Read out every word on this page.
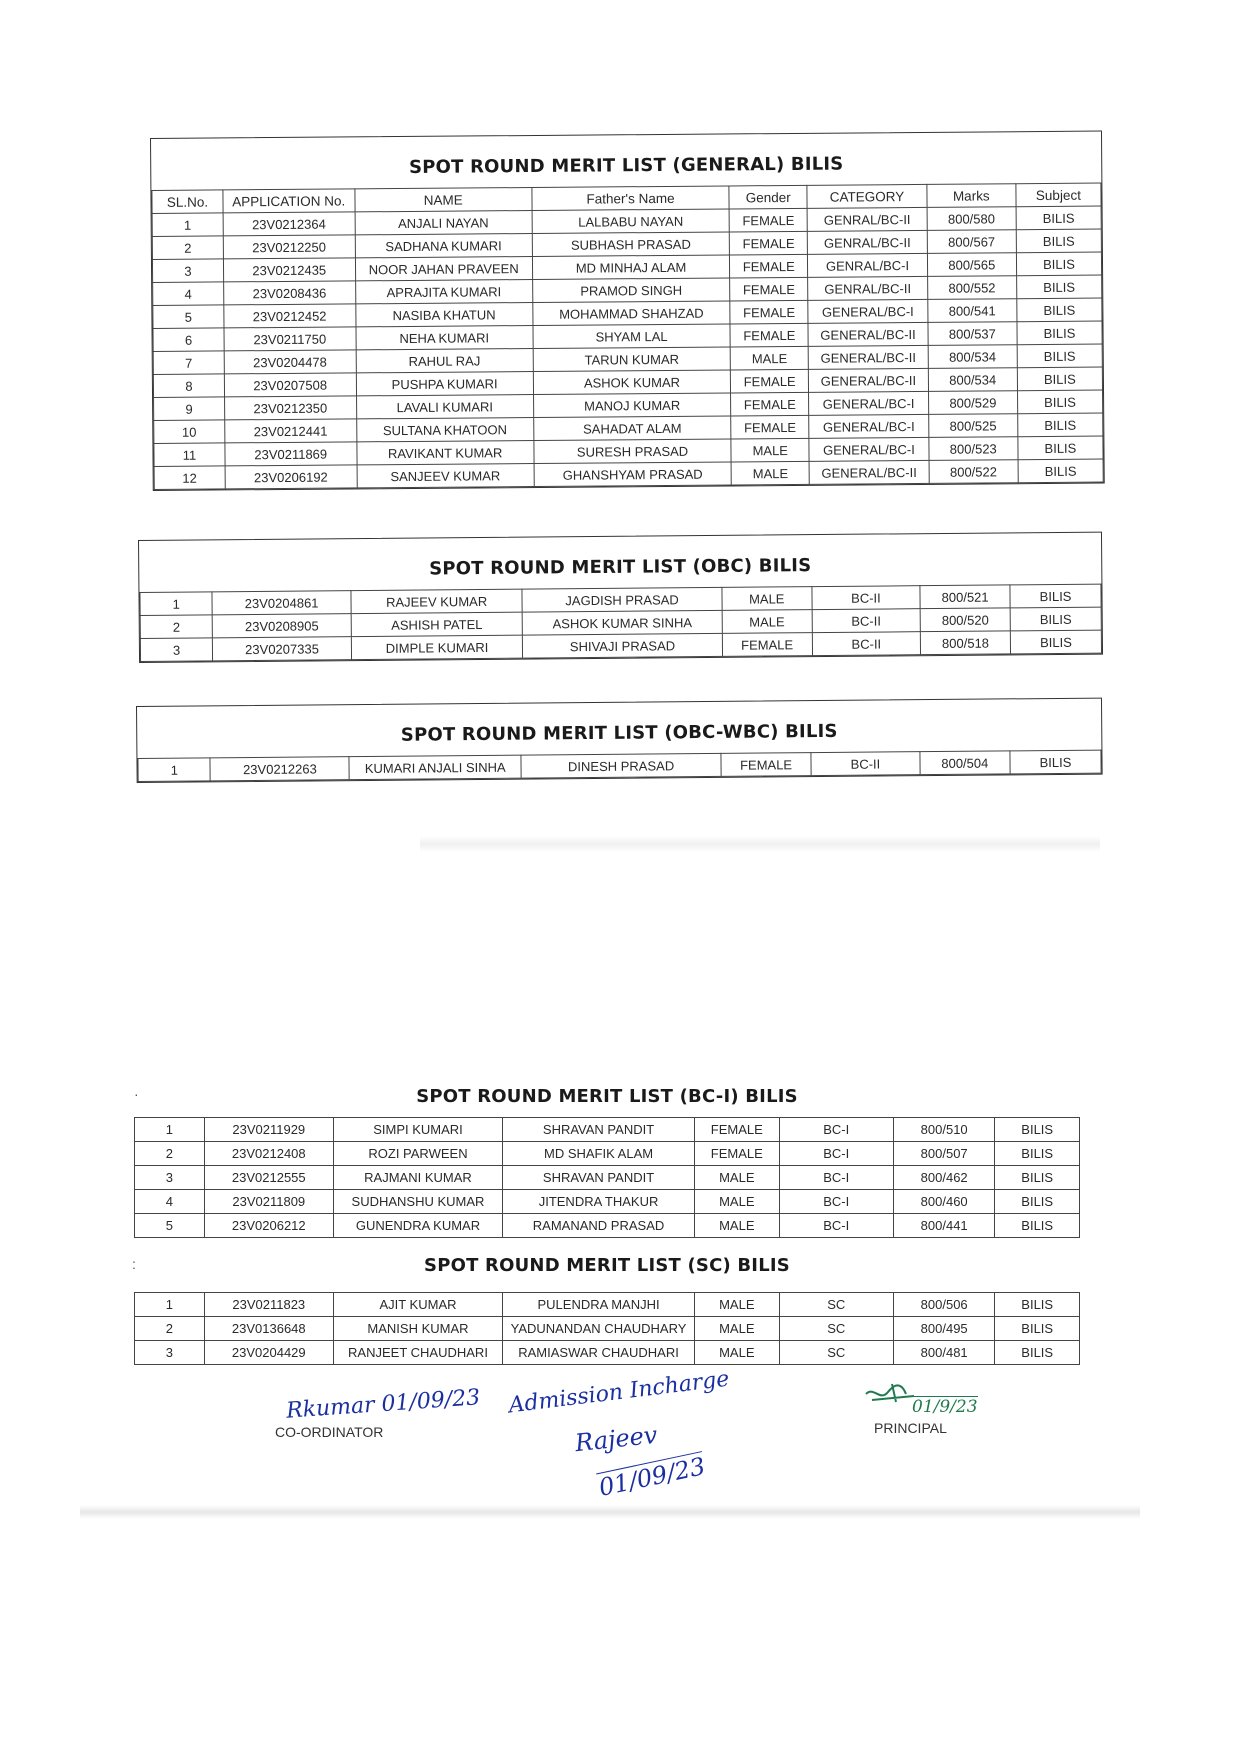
SPOT ROUND MERIT LIST (GENERAL) BILIS
SL.No.	APPLICATION No.	NAME	Father's Name	Gender	CATEGORY	Marks	Subject
1	23V0212364	ANJALI NAYAN	LALBABU NAYAN	FEMALE	GENRAL/BC-II	800/580	BILIS
2	23V0212250	SADHANA KUMARI	SUBHASH PRASAD	FEMALE	GENRAL/BC-II	800/567	BILIS
3	23V0212435	NOOR JAHAN PRAVEEN	MD MINHAJ ALAM	FEMALE	GENRAL/BC-I	800/565	BILIS
4	23V0208436	APRAJITA KUMARI	PRAMOD SINGH	FEMALE	GENRAL/BC-II	800/552	BILIS
5	23V0212452	NASIBA KHATUN	MOHAMMAD SHAHZAD	FEMALE	GENERAL/BC-I	800/541	BILIS
6	23V0211750	NEHA KUMARI	SHYAM LAL	FEMALE	GENERAL/BC-II	800/537	BILIS
7	23V0204478	RAHUL RAJ	TARUN KUMAR	MALE	GENERAL/BC-II	800/534	BILIS
8	23V0207508	PUSHPA KUMARI	ASHOK KUMAR	FEMALE	GENERAL/BC-II	800/534	BILIS
9	23V0212350	LAVALI KUMARI	MANOJ KUMAR	FEMALE	GENERAL/BC-I	800/529	BILIS
10	23V0212441	SULTANA KHATOON	SAHADAT ALAM	FEMALE	GENERAL/BC-I	800/525	BILIS
11	23V0211869	RAVIKANT KUMAR	SURESH PRASAD	MALE	GENERAL/BC-I	800/523	BILIS
12	23V0206192	SANJEEV KUMAR	GHANSHYAM PRASAD	MALE	GENERAL/BC-II	800/522	BILIS
SPOT ROUND MERIT LIST (OBC) BILIS
1	23V0204861	RAJEEV KUMAR	JAGDISH PRASAD	MALE	BC-II	800/521	BILIS
2	23V0208905	ASHISH PATEL	ASHOK KUMAR SINHA	MALE	BC-II	800/520	BILIS
3	23V0207335	DIMPLE KUMARI	SHIVAJI PRASAD	FEMALE	BC-II	800/518	BILIS
SPOT ROUND MERIT LIST (OBC-WBC) BILIS
1	23V0212263	KUMARI ANJALI SINHA	DINESH PRASAD	FEMALE	BC-II	800/504	BILIS
·	SPOT ROUND MERIT LIST (BC-I) BILIS
1	23V0211929	SIMPI KUMARI	SHRAVAN PANDIT	FEMALE	BC-I	800/510	BILIS
2	23V0212408	ROZI PARWEEN	MD SHAFIK ALAM	FEMALE	BC-I	800/507	BILIS
3	23V0212555	RAJMANI KUMAR	SHRAVAN PANDIT	MALE	BC-I	800/462	BILIS
4	23V0211809	SUDHANSHU KUMAR	JITENDRA THAKUR	MALE	BC-I	800/460	BILIS
5	23V0206212	GUNENDRA KUMAR	RAMANAND PRASAD	MALE	BC-I	800/441	BILIS
:	SPOT ROUND MERIT LIST (SC) BILIS
1	23V0211823	AJIT KUMAR	PULENDRA MANJHI	MALE	SC	800/506	BILIS
2	23V0136648	MANISH KUMAR	YADUNANDAN CHAUDHARY	MALE	SC	800/495	BILIS
3	23V0204429	RANJEET CHAUDHARI	RAMIASWAR CHAUDHARI	MALE	SC	800/481	BILIS
Rkumar 01/09/23
CO-ORDINATOR
Admission Incharge
Rajeev
01/09/23
01/9/23
PRINCIPAL
